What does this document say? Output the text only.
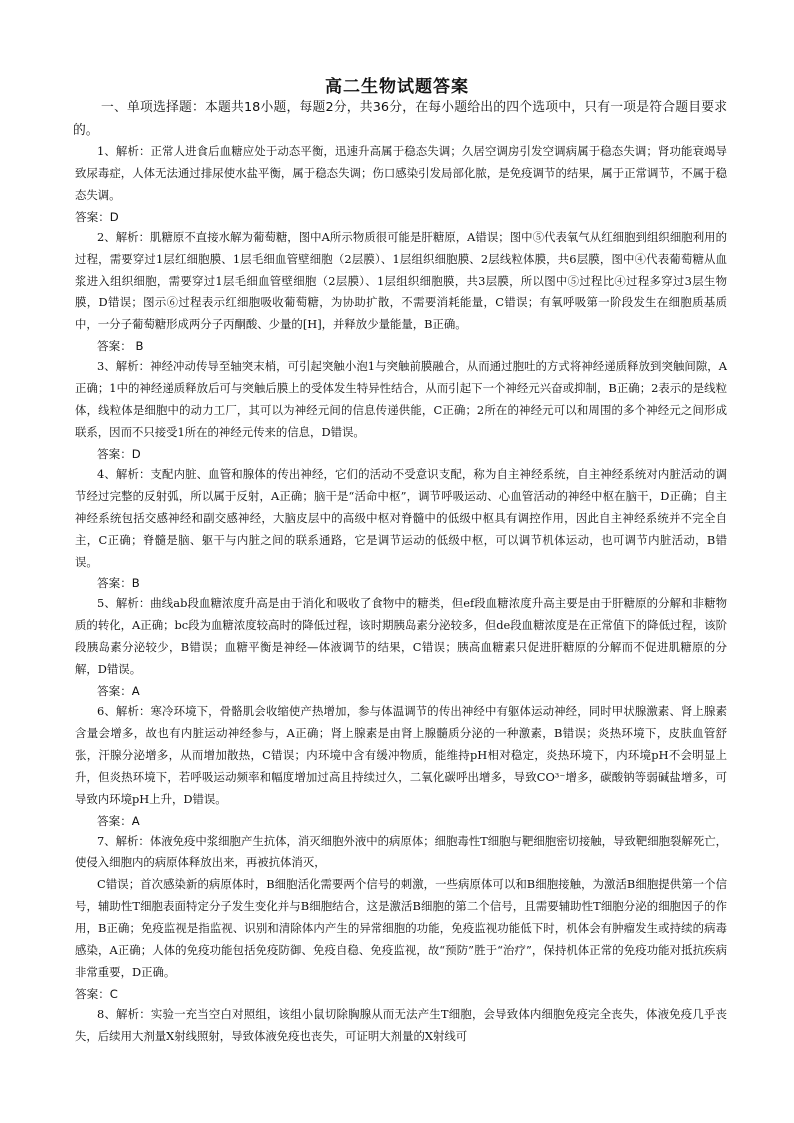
高二生物试题答案

一、单项选择题：本题共18小题，每题2分，共36分，在每小题给出的四个选项中，只有一项是符合题目要求的。

1、解析：正常人进食后血糖应处于动态平衡，迅速升高属于稳态失调；久居空调房引发空调病属于稳态失调；肾功能衰竭导致尿毒症，人体无法通过排尿使水盐平衡，属于稳态失调；伤口感染引发局部化脓，是免疫调节的结果，属于正常调节，不属于稳态失调。

答案：D

2、解析：肌糖原不直接水解为葡萄糖，图中A所示物质很可能是肝糖原，A错误；图中⑤代表氧气从红细胞到组织细胞利用的过程，需要穿过1层红细胞膜、1层毛细血管壁细胞（2层膜）、1层组织细胞膜、2层线粒体膜，共6层膜，图中④代表葡萄糖从血浆进入组织细胞，需要穿过1层毛细血管壁细胞（2层膜）、1层组织细胞膜，共3层膜，所以图中⑤过程比④过程多穿过3层生物膜，D错误；图示⑥过程表示红细胞吸收葡萄糖，为协助扩散，不需要消耗能量，C错误；有氧呼吸第一阶段发生在细胞质基质中，一分子葡萄糖形成两分子丙酮酸、少量的[H]，并释放少量能量，B正确。

答案： B

3、解析：神经冲动传导至轴突末梢，可引起突触小泡1与突触前膜融合，从而通过胞吐的方式将神经递质释放到突触间隙，A正确；1中的神经递质释放后可与突触后膜上的受体发生特异性结合，从而引起下一个神经元兴奋或抑制，B正确；2表示的是线粒体，线粒体是细胞中的动力工厂，其可以为神经元间的信息传递供能，C正确；2所在的神经元可以和周围的多个神经元之间形成联系，因而不只接受1所在的神经元传来的信息，D错误。

答案：D

4、解析：支配内脏、血管和腺体的传出神经，它们的活动不受意识支配，称为自主神经系统，自主神经系统对内脏活动的调节经过完整的反射弧，所以属于反射，A正确；脑干是“活命中枢”，调节呼吸运动、心血管活动的神经中枢在脑干，D正确；自主神经系统包括交感神经和副交感神经，大脑皮层中的高级中枢对脊髓中的低级中枢具有调控作用，因此自主神经系统并不完全自主，C正确；脊髓是脑、躯干与内脏之间的联系通路，它是调节运动的低级中枢，可以调节机体运动，也可调节内脏活动，B错误。

答案：B

5、解析：曲线ab段血糖浓度升高是由于消化和吸收了食物中的糖类，但ef段血糖浓度升高主要是由于肝糖原的分解和非糖物质的转化，A正确；bc段为血糖浓度较高时的降低过程，该时期胰岛素分泌较多，但de段血糖浓度是在正常值下的降低过程，该阶段胰岛素分泌较少，B错误；血糖平衡是神经—体液调节的结果，C错误；胰高血糖素只促进肝糖原的分解而不促进肌糖原的分解，D错误。

答案：A

6、解析：寒冷环境下，骨骼肌会收缩使产热增加，参与体温调节的传出神经中有躯体运动神经，同时甲状腺激素、肾上腺素含量会增多，故也有内脏运动神经参与，A正确；肾上腺素是由肾上腺髓质分泌的一种激素，B错误；炎热环境下，皮肤血管舒张，汗腺分泌增多，从而增加散热，C错误；内环境中含有缓冲物质，能维持pH相对稳定，炎热环境下，内环境pH不会明显上升，但炎热环境下，若呼吸运动频率和幅度增加过高且持续过久，二氧化碳呼出增多，导致CO³⁻增多，碳酸钠等弱碱盐增多，可导致内环境pH上升，D错误。

答案：A

7、解析：体液免疫中浆细胞产生抗体，消灭细胞外液中的病原体；细胞毒性T细胞与靶细胞密切接触，导致靶细胞裂解死亡，使侵入细胞内的病原体释放出来，再被抗体消灭，

C错误；首次感染新的病原体时，B细胞活化需要两个信号的刺激，一些病原体可以和B细胞接触，为激活B细胞提供第一个信号，辅助性T细胞表面特定分子发生变化并与B细胞结合，这是激活B细胞的第二个信号，且需要辅助性T细胞分泌的细胞因子的作用，B正确；免疫监视是指监视、识别和清除体内产生的异常细胞的功能，免疫监视功能低下时，机体会有肿瘤发生或持续的病毒感染，A正确；人体的免疫功能包括免疫防御、免疫自稳、免疫监视，故“预防”胜于“治疗”，保持机体正常的免疫功能对抵抗疾病非常重要，D正确。

答案：C

8、解析：实验一充当空白对照组，该组小鼠切除胸腺从而无法产生T细胞，会导致体内细胞免疫完全丧失，体液免疫几乎丧失，后续用大剂量X射线照射，导致体液免疫也丧失，可证明大剂量的X射线可
